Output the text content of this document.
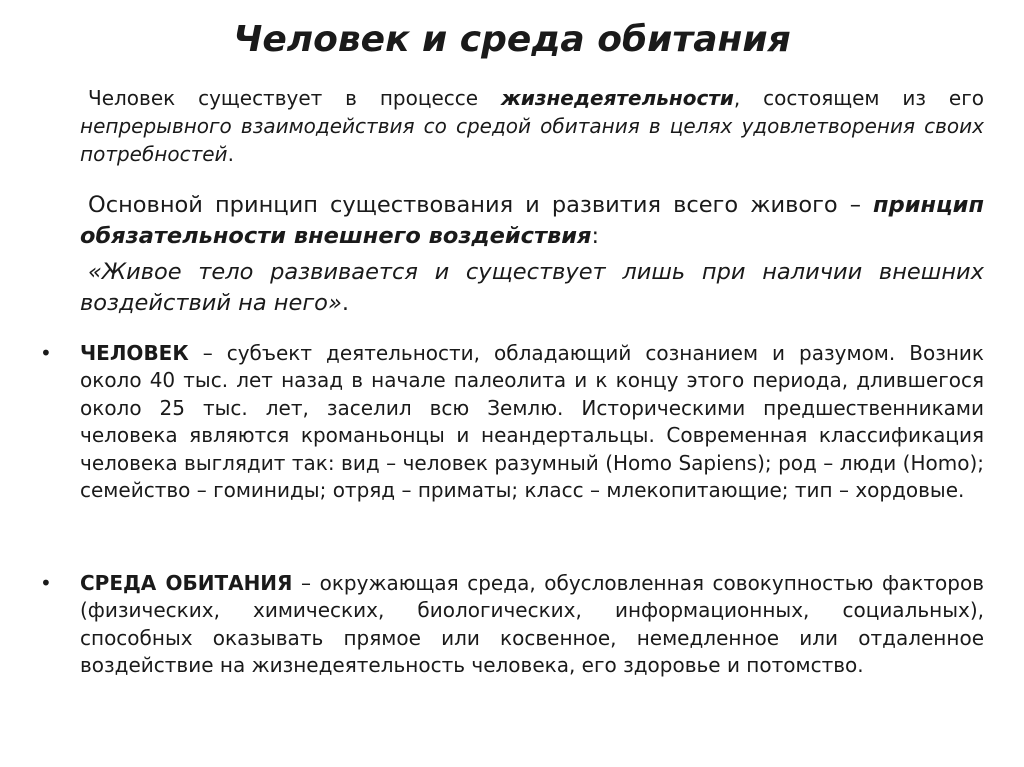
Человек и среда обитания

Человек существует в процессе жизнедеятельности, состоящем из его непрерывного взаимодействия со средой обитания в целях удовлетворения своих потребностей.

Основной принцип существования и развития всего живого – принцип обязательности внешнего воздействия:

«Живое тело развивается и существует лишь при наличии внешних воздействий на него».

• ЧЕЛОВЕК – субъект деятельности, обладающий сознанием и разумом. Возник около 40 тыс. лет назад в начале палеолита и к концу этого периода, длившегося около 25 тыс. лет, заселил всю Землю. Историческими предшественниками человека являются кроманьонцы и неандертальцы. Современная классификация человека выглядит так: вид – человек разумный (Homo Sapiens); род – люди (Homo); семейство – гоминиды; отряд – приматы; класс – млекопитающие; тип – хордовые.

• СРЕДА ОБИТАНИЯ – окружающая среда, обусловленная совокупностью факторов (физических, химических, биологических, информационных, социальных), способных оказывать прямое или косвенное, немедленное или отдаленное воздействие на жизнедеятельность человека, его здоровье и потомство.
